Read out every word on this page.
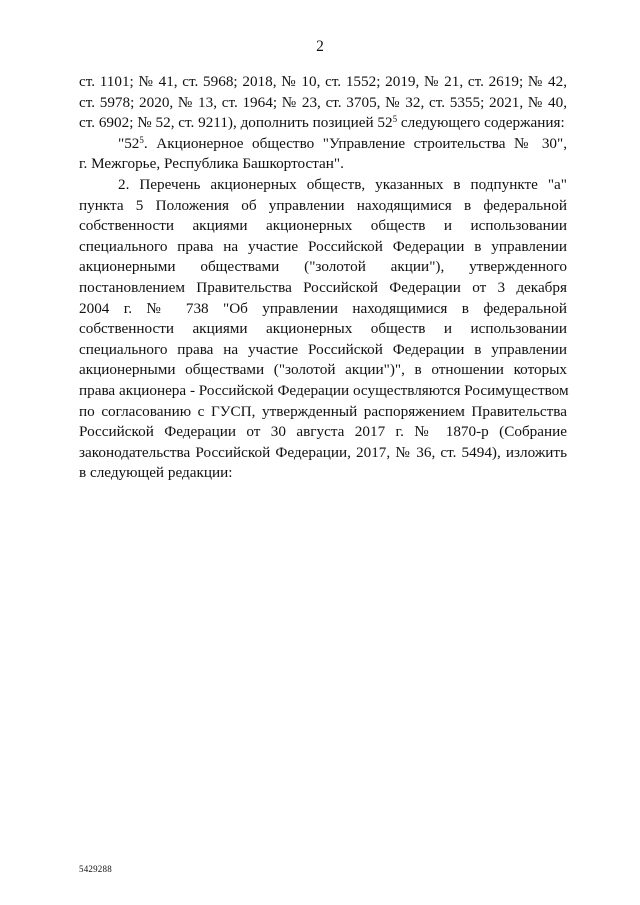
2
ст. 1101; № 41, ст. 5968; 2018, № 10, ст. 1552; 2019, № 21, ст. 2619; № 42,
ст. 5978; 2020, № 13, ст. 1964; № 23, ст. 3705, № 32, ст. 5355; 2021, № 40,
ст. 6902; № 52, ст. 9211), дополнить позицией $52^5$ следующего содержания:
"$52^5$. Акционерное общество "Управление строительства № 30",
г. Межгорье, Республика Башкортостан".
2. Перечень акционерных обществ, указанных в подпункте "а"
пункта 5 Положения об управлении находящимися в федеральной
собственности акциями акционерных обществ и использовании
специального права на участие Российской Федерации в управлении
акционерными обществами ("золотой акции"), утвержденного
постановлением Правительства Российской Федерации от 3 декабря
2004 г. № 738 "Об управлении находящимися в федеральной
собственности акциями акционерных обществ и использовании
специального права на участие Российской Федерации в управлении
акционерными обществами ("золотой акции")", в отношении которых
права акционера - Российской Федерации осуществляются Росимуществом
по согласованию с ГУСП, утвержденный распоряжением Правительства
Российской Федерации от 30 августа 2017 г. № 1870-р (Собрание
законодательства Российской Федерации, 2017, № 36, ст. 5494), изложить
в следующей редакции:
5429288
